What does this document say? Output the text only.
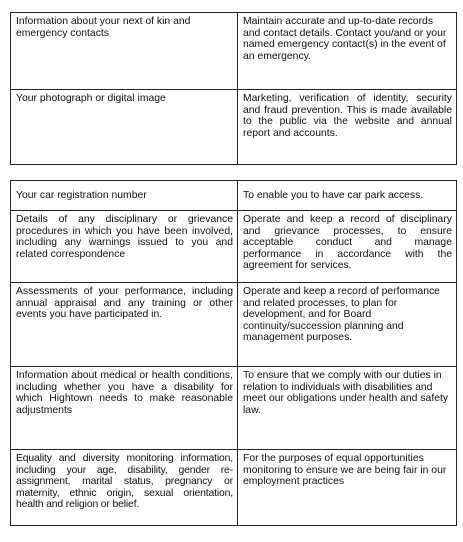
Information about your next of kin and emergency contacts	Maintain accurate and up-to-date records and contact details. Contact you/and or your named emergency contact(s) in the event of an emergency.
Your photograph or digital image	Marketing, verification of identity, security and fraud prevention. This is made available to the public via the website and annual report and accounts.
Your car registration number	To enable you to have car park access.
Details of any disciplinary or grievance procedures in which you have been involved, including any warnings issued to you and related correspondence	Operate and keep a record of disciplinary and grievance processes, to ensure acceptable conduct and manage performance in accordance with the agreement for services.
Assessments of your performance, including annual appraisal and any training or other events you have participated in.	Operate and keep a record of performance and related processes, to plan for development, and for Board continuity/succession planning and management purposes.
Information about medical or health conditions, including whether you have a disability for which Hightown needs to make reasonable adjustments	To ensure that we comply with our duties in relation to individuals with disabilities and meet our obligations under health and safety law.
Equality and diversity monitoring information, including your age, disability, gender re-assignment, marital status, pregnancy or maternity, ethnic origin, sexual orientation, health and religion or belief.	For the purposes of equal opportunities monitoring to ensure we are being fair in our employment practices
